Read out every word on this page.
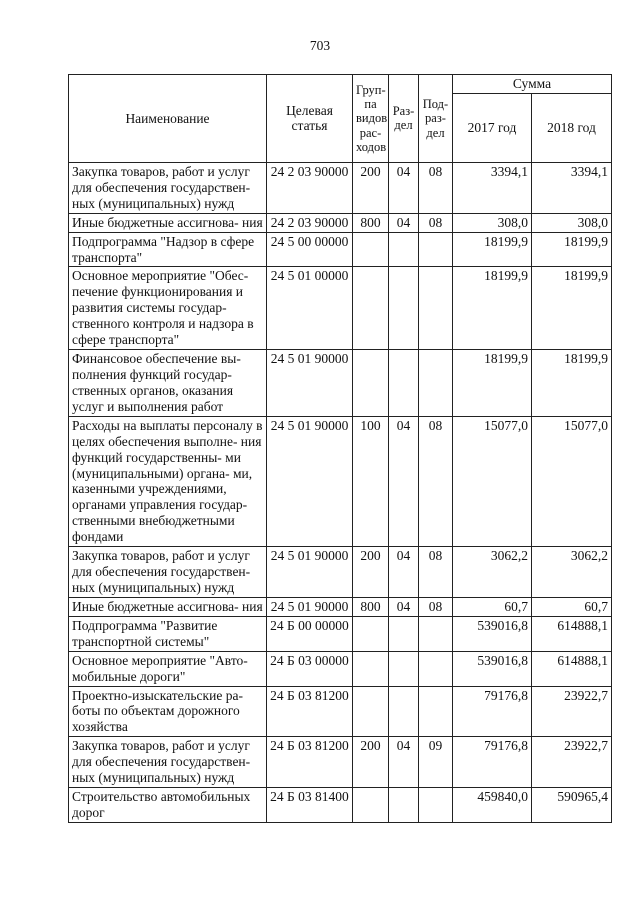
703
Наименование	Целевая статья	Груп- па видов рас- ходов	Раз- дел	Под- раз- дел	Сумма	
					2017 год	2018 год
Закупка товаров, работ и услуг для обеспечения государствен- ных (муниципальных) нужд	24 2 03 90000	200	04	08	3394,1	3394,1
Иные бюджетные ассигнова- ния	24 2 03 90000	800	04	08	308,0	308,0
Подпрограмма "Надзор в сфере транспорта"	24 5 00 00000				18199,9	18199,9
Основное мероприятие "Обес- печение функционирования и развития системы государ- ственного контроля и надзора в сфере транспорта"	24 5 01 00000				18199,9	18199,9
Финансовое обеспечение вы- полнения функций государ- ственных органов, оказания услуг и выполнения работ	24 5 01 90000				18199,9	18199,9
Расходы на выплаты персоналу в целях обеспечения выполне- ния функций государственны- ми (муниципальными) органа- ми, казенными учреждениями, органами управления государ- ственными внебюджетными фондами	24 5 01 90000	100	04	08	15077,0	15077,0
Закупка товаров, работ и услуг для обеспечения государствен- ных (муниципальных) нужд	24 5 01 90000	200	04	08	3062,2	3062,2
Иные бюджетные ассигнова- ния	24 5 01 90000	800	04	08	60,7	60,7
Подпрограмма "Развитие транспортной системы"	24 Б 00 00000				539016,8	614888,1
Основное мероприятие "Авто- мобильные дороги"	24 Б 03 00000				539016,8	614888,1
Проектно-изыскательские ра- боты по объектам дорожного хозяйства	24 Б 03 81200				79176,8	23922,7
Закупка товаров, работ и услуг для обеспечения государствен- ных (муниципальных) нужд	24 Б 03 81200	200	04	09	79176,8	23922,7
Строительство автомобильных дорог	24 Б 03 81400				459840,0	590965,4
